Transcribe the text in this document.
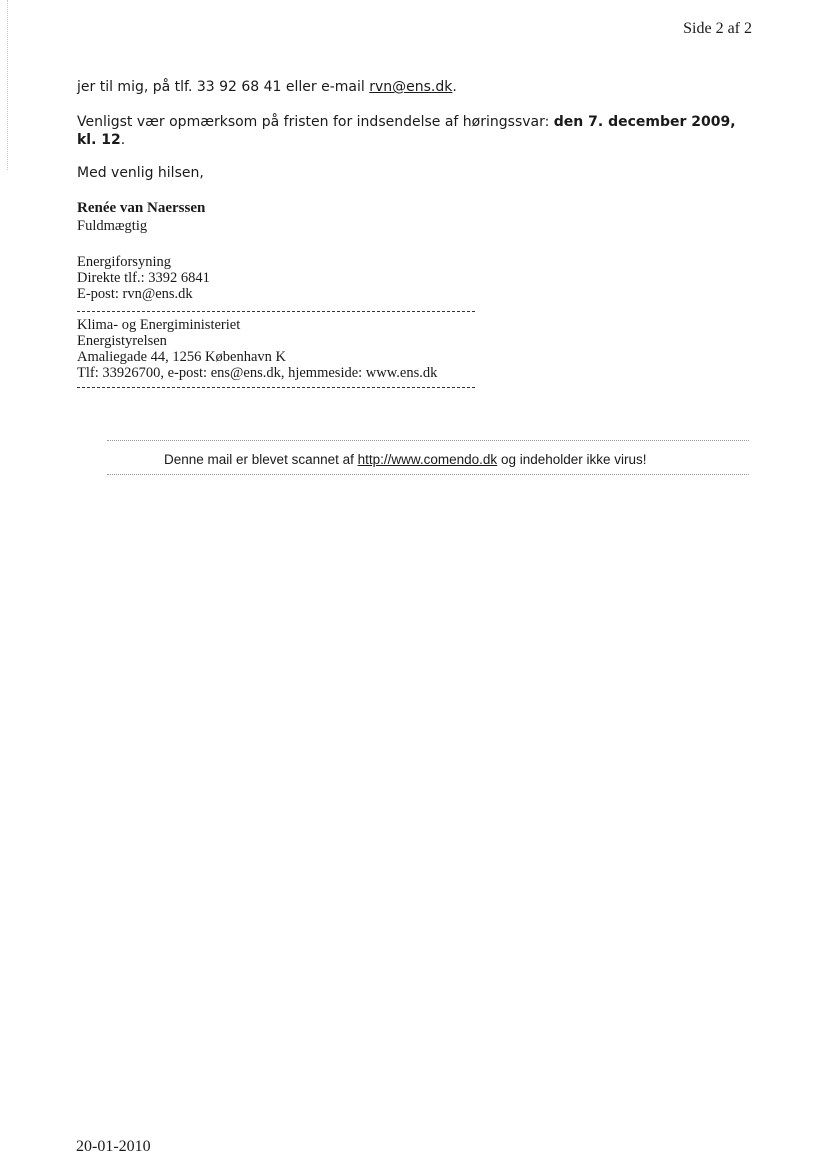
Side 2 af 2
jer til mig, på tlf. 33 92 68 41 eller e-mail rvn@ens.dk.
Venligst vær opmærksom på fristen for indsendelse af høringssvar: den 7. december 2009, kl. 12.
Med venlig hilsen,
Renée van Naerssen
Fuldmægtig
Energiforsyning
Direkte tlf.: 3392 6841
E-post: rvn@ens.dk
Klima- og Energiministeriet
Energistyrelsen
Amaliegade 44, 1256 København K
Tlf: 33926700, e-post: ens@ens.dk, hjemmeside: www.ens.dk
Denne mail er blevet scannet af http://www.comendo.dk og indeholder ikke virus!
20-01-2010
